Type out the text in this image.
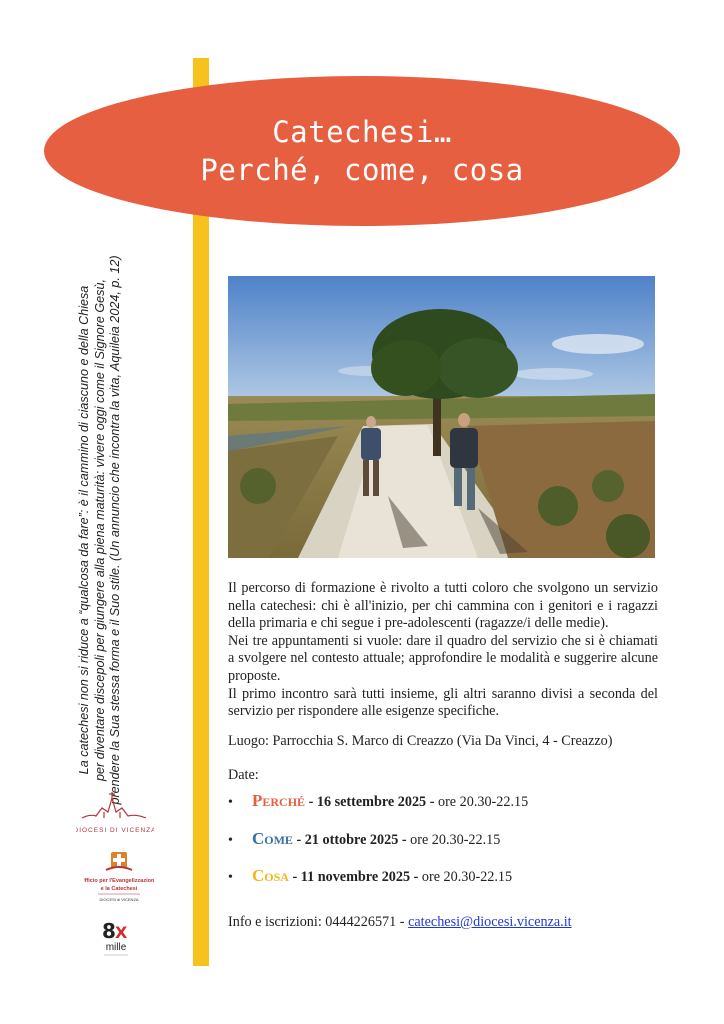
Catechesi…
Perché, come, cosa
La catechesi non si riduce a “qualcosa da fare”: è il cammino di ciascuno e della Chiesa per diventare discepoli per giungere alla piena maturità: vivere oggi come il Signore Gesù, prendere la Sua stessa forma e il Suo stile. (Un annuncio che incontra la vita, Aquileia 2024, p. 12)	Il percorso di formazione è rivolto a tutti coloro che svolgono un servizio nella catechesi: chi è all'inizio, per chi cammina con i genitori e i ragazzi della primaria e chi segue i pre-adolescenti (ragazze/i delle medie).

Nei tre appuntamenti si vuole: dare il quadro del servizio che si è chiamati a svolgere nel contesto attuale; approfondire le modalità e suggerire alcune proposte.

Il primo incontro sarà tutti insieme, gli altri saranno divisi a seconda del servizio per rispondere alle esigenze specifiche.

Luogo: Parrocchia S. Marco di Creazzo (Via Da Vinci, 4 - Creazzo)
Date:
• Perché - 16 settembre 2025 - ore 20.30-22.15
• Come - 21 ottobre 2025 - ore 20.30-22.15
• Cosa - 11 novembre 2025 - ore 20.30-22.15
Info e iscrizioni: 0444226571 - catechesi@diocesi.vicenza.it
DIOCESI DI VICENZA
Ufficio per l'Evangelizzazione
e la Catechesi
DIOCESI di VICENZA
8 X
mille
